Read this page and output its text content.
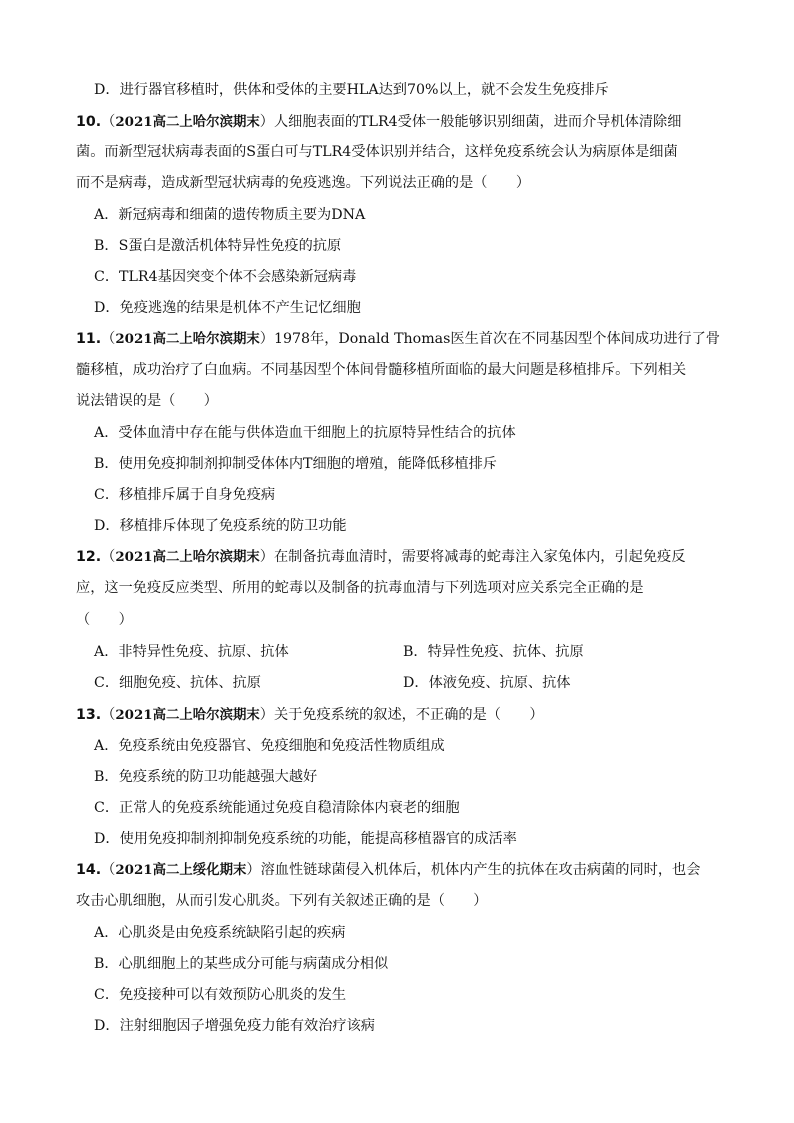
D．进行器官移植时，供体和受体的主要HLA达到70%以上，就不会发生免疫排斥
10.（2021高二上哈尔滨期末）人细胞表面的TLR4受体一般能够识别细菌，进而介导机体清除细
菌。而新型冠状病毒表面的S蛋白可与TLR4受体识别并结合，这样免疫系统会认为病原体是细菌
而不是病毒，造成新型冠状病毒的免疫逃逸。下列说法正确的是（　　）
A．新冠病毒和细菌的遗传物质主要为DNA
B．S蛋白是激活机体特异性免疫的抗原
C．TLR4基因突变个体不会感染新冠病毒
D．免疫逃逸的结果是机体不产生记忆细胞
11.（2021高二上哈尔滨期末）1978年，Donald Thomas医生首次在不同基因型个体间成功进行了骨
髓移植，成功治疗了白血病。不同基因型个体间骨髓移植所面临的最大问题是移植排斥。下列相关
说法错误的是（　　）
A．受体血清中存在能与供体造血干细胞上的抗原特异性结合的抗体
B．使用免疫抑制剂抑制受体体内T细胞的增殖，能降低移植排斥
C．移植排斥属于自身免疫病
D．移植排斥体现了免疫系统的防卫功能
12.（2021高二上哈尔滨期末）在制备抗毒血清时，需要将减毒的蛇毒注入家兔体内，引起免疫反
应，这一免疫反应类型、所用的蛇毒以及制备的抗毒血清与下列选项对应关系完全正确的是
（　　）
A．非特异性免疫、抗原、抗体	B．特异性免疫、抗体、抗原
C．细胞免疫、抗体、抗原	D．体液免疫、抗原、抗体
13.（2021高二上哈尔滨期末）关于免疫系统的叙述，不正确的是（　　）
A．免疫系统由免疫器官、免疫细胞和免疫活性物质组成
B．免疫系统的防卫功能越强大越好
C．正常人的免疫系统能通过免疫自稳清除体内衰老的细胞
D．使用免疫抑制剂抑制免疫系统的功能，能提高移植器官的成活率
14.（2021高二上绥化期末）溶血性链球菌侵入机体后，机体内产生的抗体在攻击病菌的同时，也会
攻击心肌细胞，从而引发心肌炎。下列有关叙述正确的是（　　）
A．心肌炎是由免疫系统缺陷引起的疾病
B．心肌细胞上的某些成分可能与病菌成分相似
C．免疫接种可以有效预防心肌炎的发生
D．注射细胞因子增强免疫力能有效治疗该病
